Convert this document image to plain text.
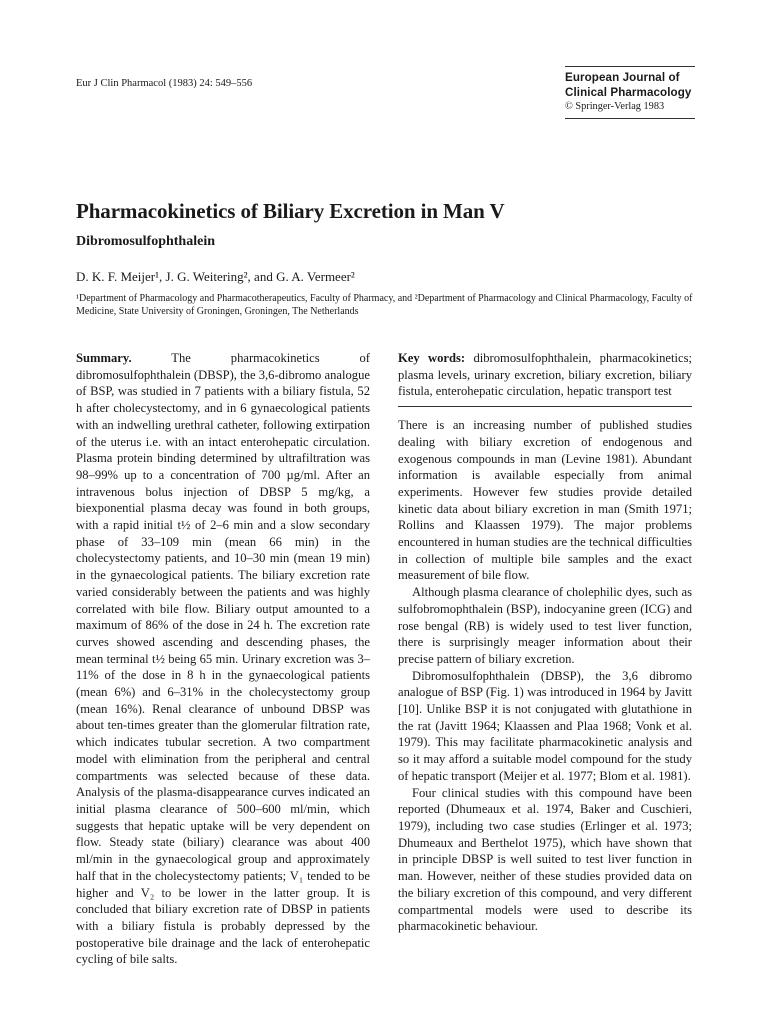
Eur J Clin Pharmacol (1983) 24: 549–556	European Journal of
Clinical Pharmacology
© Springer-Verlag 1983
Pharmacokinetics of Biliary Excretion in Man V
Dibromosulfophthalein
D. K. F. Meijer¹, J. G. Weitering², and G. A. Vermeer²
¹Department of Pharmacology and Pharmacotherapeutics, Faculty of Pharmacy, and ²Department of Pharmacology and Clinical Pharmacology, Faculty of Medicine, State University of Groningen, Groningen, The Netherlands

Summary. The pharmacokinetics of dibromosulfophthalein (DBSP), the 3,6-dibromo analogue of BSP, was studied in 7 patients with a biliary fistula, 52 h after cholecystectomy, and in 6 gynaecological patients with an indwelling urethral catheter, following extirpation of the uterus i.e. with an intact enterohepatic circulation. Plasma protein binding determined by ultrafiltration was 98–99% up to a concentration of 700 µg/ml. After an intravenous bolus injection of DBSP 5 mg/kg, a biexponential plasma decay was found in both groups, with a rapid initial t½ of 2–6 min and a slow secondary phase of 33–109 min (mean 66 min) in the cholecystectomy patients, and 10–30 min (mean 19 min) in the gynaecological patients. The biliary excretion rate varied considerably between the patients and was highly correlated with bile flow. Biliary output amounted to a maximum of 86% of the dose in 24 h. The excretion rate curves showed ascending and descending phases, the mean terminal t½ being 65 min. Urinary excretion was 3–11% of the dose in 8 h in the gynaecological patients (mean 6%) and 6–31% in the cholecystectomy group (mean 16%). Renal clearance of unbound DBSP was about ten-times greater than the glomerular filtration rate, which indicates tubular secretion. A two compartment model with elimination from the peripheral and central compartments was selected because of these data. Analysis of the plasma-disappearance curves indicated an initial plasma clearance of 500–600 ml/min, which suggests that hepatic uptake will be very dependent on flow. Steady state (biliary) clearance was about 400 ml/min in the gynaecological group and approximately half that in the cholecystectomy patients; V₁ tended to be higher and V₂ to be lower in the latter group. It is concluded that biliary excretion rate of DBSP in patients with a biliary fistula is probably depressed by the postoperative bile drainage and the lack of enterohepatic cycling of bile salts.

Key words: dibromosulfophthalein, pharmacokinetics; plasma levels, urinary excretion, biliary excretion, biliary fistula, enterohepatic circulation, hepatic transport test

There is an increasing number of published studies dealing with biliary excretion of endogenous and exogenous compounds in man (Levine 1981). Abundant information is available especially from animal experiments. However few studies provide detailed kinetic data about biliary excretion in man (Smith 1971; Rollins and Klaassen 1979). The major problems encountered in human studies are the technical difficulties in collection of multiple bile samples and the exact measurement of bile flow.

Although plasma clearance of cholephilic dyes, such as sulfobromophthalein (BSP), indocyanine green (ICG) and rose bengal (RB) is widely used to test liver function, there is surprisingly meager information about their precise pattern of biliary excretion.

Dibromosulfophthalein (DBSP), the 3,6 dibromo analogue of BSP (Fig. 1) was introduced in 1964 by Javitt [10]. Unlike BSP it is not conjugated with glutathione in the rat (Javitt 1964; Klaassen and Plaa 1968; Vonk et al. 1979). This may facilitate pharmacokinetic analysis and so it may afford a suitable model compound for the study of hepatic transport (Meijer et al. 1977; Blom et al. 1981).

Four clinical studies with this compound have been reported (Dhumeaux et al. 1974, Baker and Cuschieri, 1979), including two case studies (Erlinger et al. 1973; Dhumeaux and Berthelot 1975), which have shown that in principle DBSP is well suited to test liver function in man. However, neither of these studies provided data on the biliary excretion of this compound, and very different compartmental models were used to describe its pharmacokinetic behaviour.
